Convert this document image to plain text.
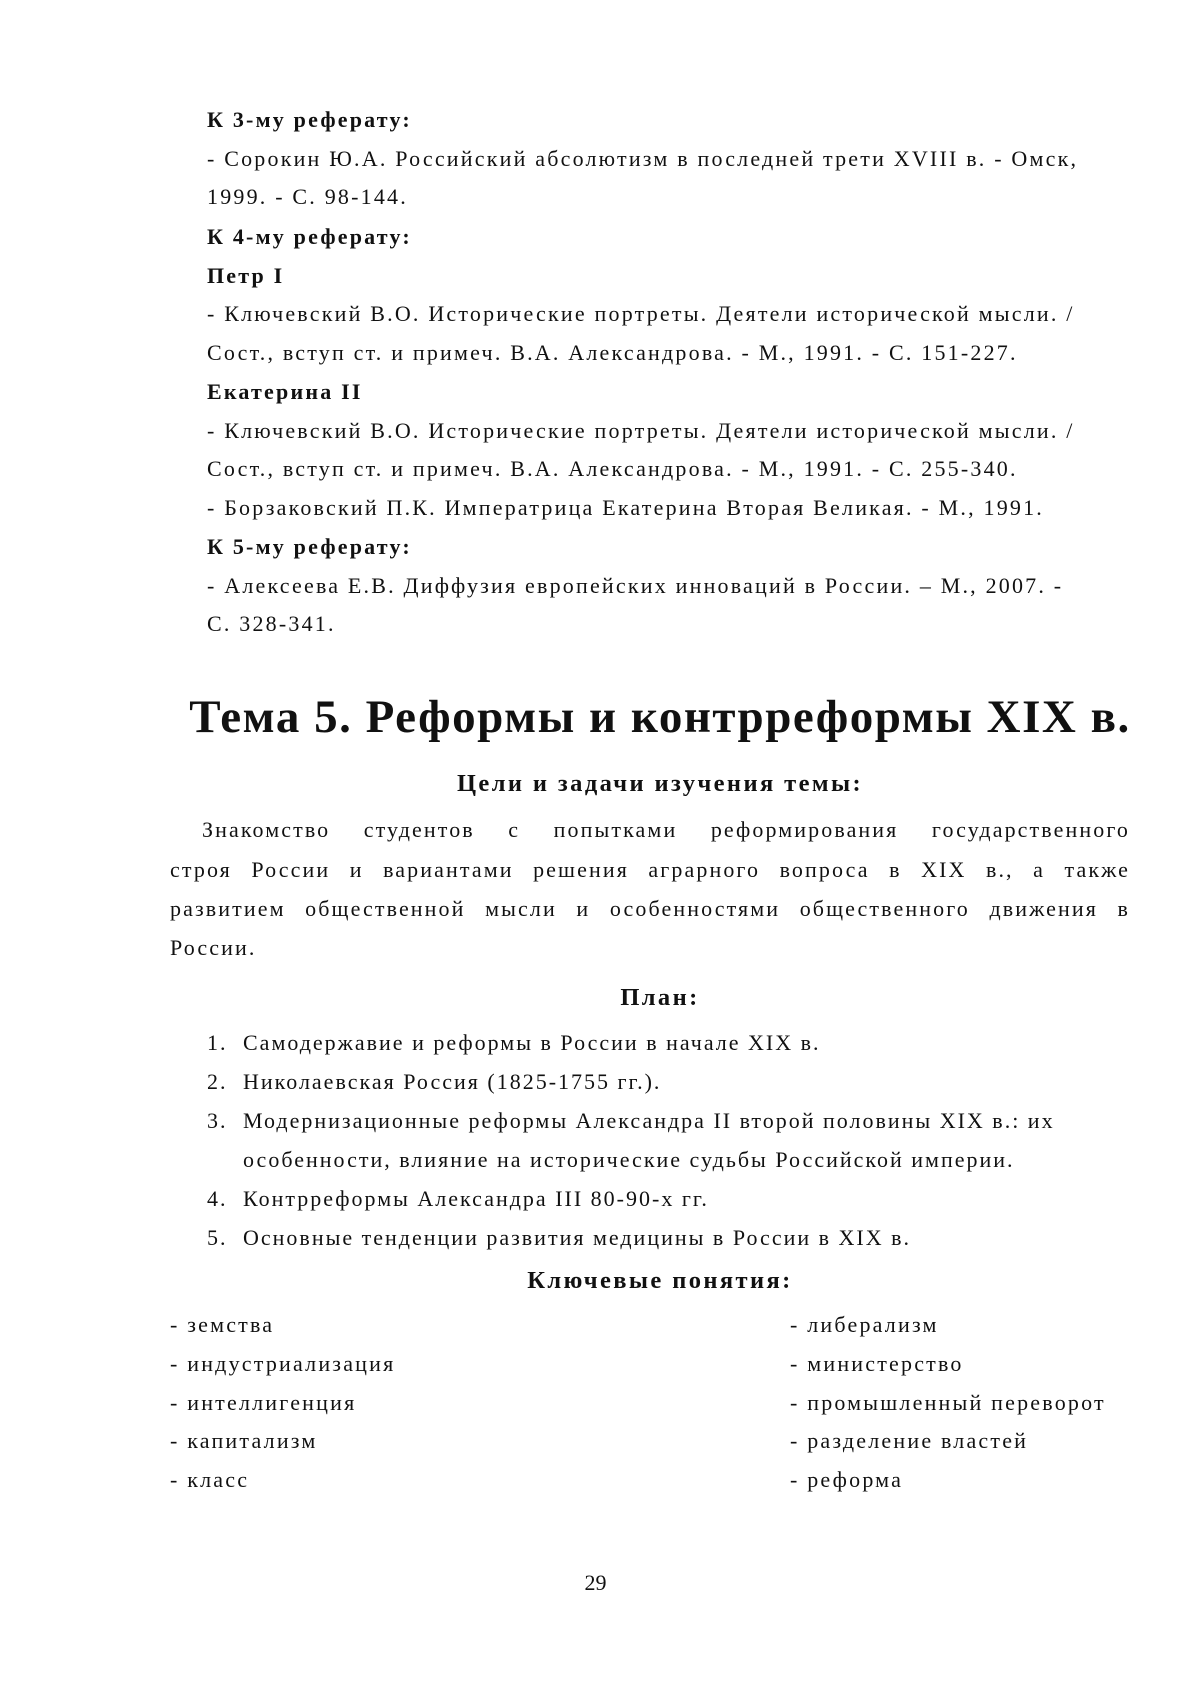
К 3-му реферату:
- Сорокин Ю.А. Российский абсолютизм в последней трети XVIII в. - Омск,
1999. - С. 98-144.
К 4-му реферату:
Петр I
- Ключевский В.О. Исторические портреты. Деятели исторической мысли. /
Сост., вступ ст. и примеч. В.А. Александрова. - М., 1991. - С. 151-227.
Екатерина II
- Ключевский В.О. Исторические портреты. Деятели исторической мысли. /
Сост., вступ ст. и примеч. В.А. Александрова. - М., 1991. - С. 255-340.
- Борзаковский П.К. Императрица Екатерина Вторая Великая. - М., 1991.
К 5-му реферату:
- Алексеева Е.В. Диффузия европейских инноваций в России. – М., 2007. -
С. 328-341.
Тема 5. Реформы и контрреформы XIX в.
Цели и задачи изучения темы:
Знакомство студентов с попытками реформирования государственного
строя России и вариантами решения аграрного вопроса в XIX в., а также
развитием общественной мысли и особенностями общественного движения в
России.
План:
1. Самодержавие и реформы в России в начале XIX в.
2. Николаевская Россия (1825-1755 гг.).
3. Модернизационные реформы Александра II второй половины XIX в.: их
особенности, влияние на исторические судьбы Российской империи.
4. Контрреформы Александра III 80-90-х гг.
5. Основные тенденции развития медицины в России в XIX в.
Ключевые понятия:
- земства
- индустриализация
- интеллигенция
- капитализм
- класс
- либерализм
- министерство
- промышленный переворот
- разделение властей
- реформа
29
